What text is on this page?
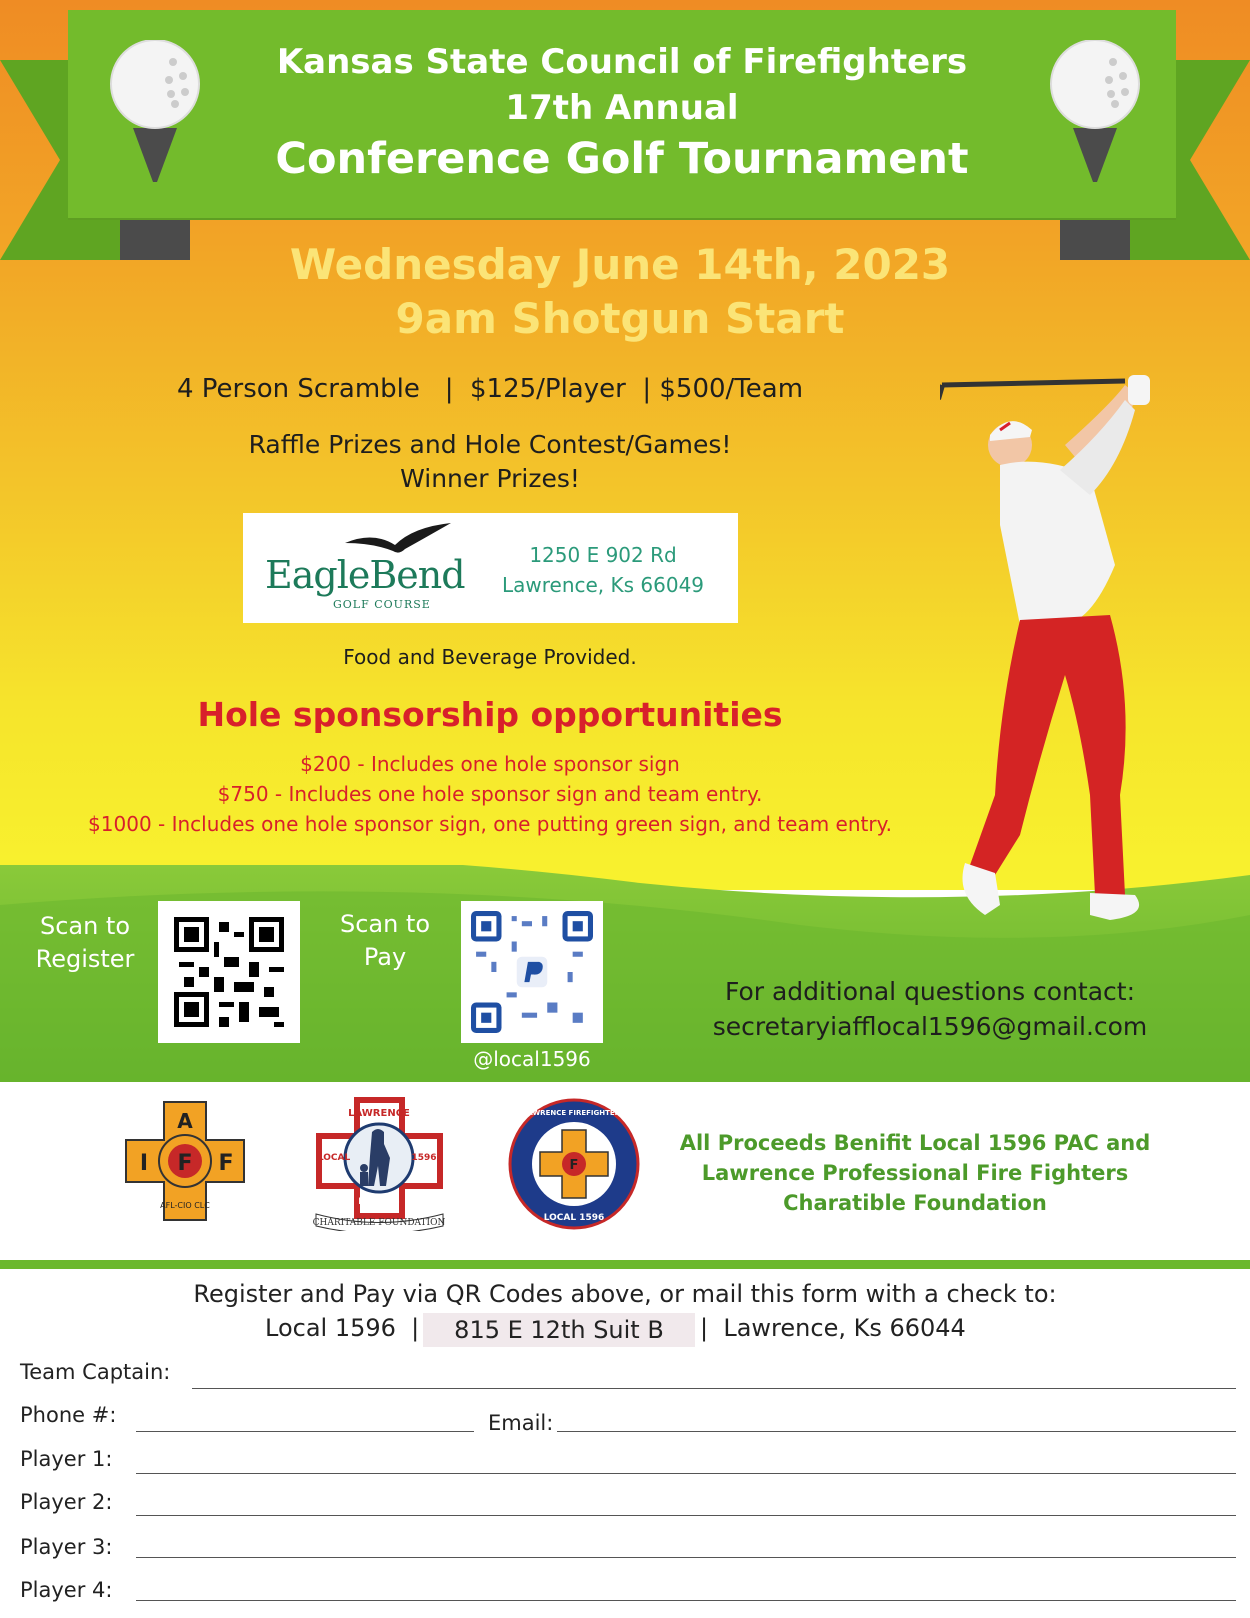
Kansas State Council of Firefighters
17th Annual
Conference Golf Tournament
Wednesday June 14th, 2023
9am Shotgun Start
4 Person Scramble   |  $125/Player  | $500/Team
Raffle Prizes and Hole Contest/Games!
Winner Prizes!
EagleBend
GOLF COURSE
1250 E 902 Rd
Lawrence, Ks 66049
Food and Beverage Provided.
Hole sponsorship opportunities
$200 - Includes one hole sponsor sign
$750 - Includes one hole sponsor sign and team entry.
$1000 - Includes one hole sponsor sign, one putting green sign, and team entry.
Scan to
Register
Scan to
Pay
@local1596
For additional questions contact:
secretaryiafflocal1596@gmail.com
A
I F F
AFL-CIO CLC
LAWRENCE
LOCAL	1596
KANSAS
CHARITABLE FOUNDATION
F
LAWRENCE FIREFIGHTERS
LOCAL 1596
All Proceeds Benifit Local 1596 PAC and
Lawrence Professional Fire Fighters
Charatible Foundation
Register and Pay via QR Codes above, or mail this form with a check to:
Local 1596  |	815 E 12th Suit B	|  Lawrence, Ks 66044
Team Captain:
Phone #:	Email:
Player 1:
Player 2:
Player 3:
Player 4:
